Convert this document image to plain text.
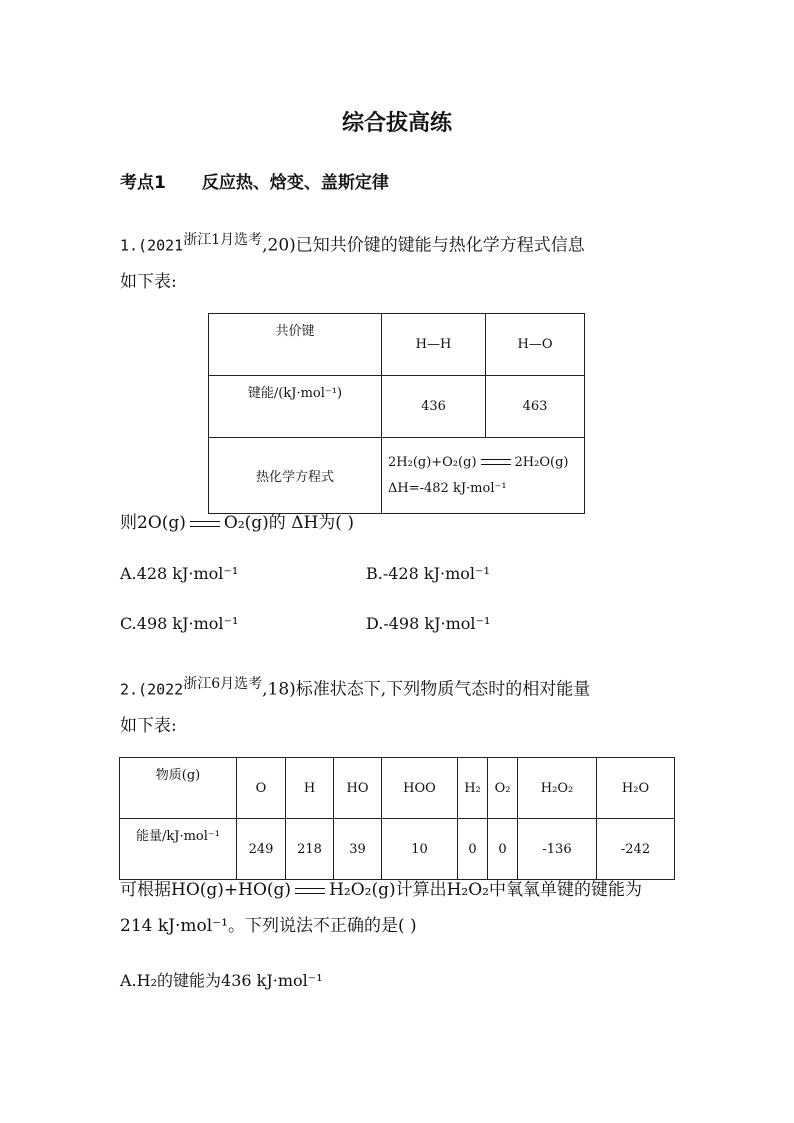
综合拔高练
考点1 反应热、焓变、盖斯定律
$1.(2021^{浙江1月选考},20)$已知共价键的键能与热化学方程式信息
如下表:
共价键	H—H	H—O
键能/(kJ·mol⁻¹)	436	463
热化学方程式	2H₂(g)+O₂(g) 2H₂O(g)
ΔH=-482 kJ·mol⁻¹	
则2O(g) O₂(g)的 ΔH为( )
A.428 kJ·mol⁻¹	B.-428 kJ·mol⁻¹
C.498 kJ·mol⁻¹	D.-498 kJ·mol⁻¹
$2.(2022^{浙江6月选考},18)$标准状态下,下列物质气态时的相对能量
如下表:
物质(g)	O	H	HO	HOO	H₂	O₂	H₂O₂	H₂O
能量/kJ·mol⁻¹	249	218	39	10	0	0	-136	-242
可根据HO(g)+HO(g) H₂O₂(g)计算出H₂O₂中氧氧单键的键能为
214 kJ·mol⁻¹。下列说法不正确的是( )
A.H₂的键能为436 kJ·mol⁻¹
